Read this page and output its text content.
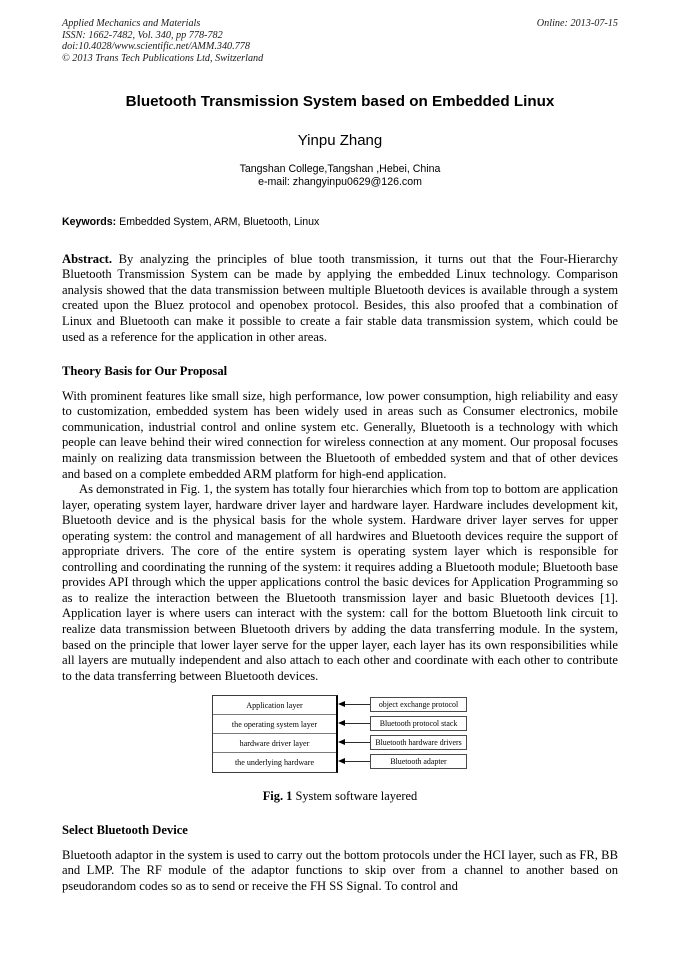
Applied Mechanics and Materials	Online: 2013-07-15
ISSN: 1662-7482, Vol. 340, pp 778-782
doi:10.4028/www.scientific.net/AMM.340.778
© 2013 Trans Tech Publications Ltd, Switzerland
Bluetooth Transmission System based on Embedded Linux
Yinpu Zhang
Tangshan College,Tangshan ,Hebei, China
e-mail: zhangyinpu0629@126.com
Keywords: Embedded System, ARM, Bluetooth, Linux
Abstract. By analyzing the principles of blue tooth transmission, it turns out that the Four-Hierarchy Bluetooth Transmission System can be made by applying the embedded Linux technology. Comparison analysis showed that the data transmission between multiple Bluetooth devices is available through a system created upon the Bluez protocol and openobex protocol. Besides, this also proofed that a combination of Linux and Bluetooth can make it possible to create a fair stable data transmission system, which could be used as a reference for the application in other areas.
Theory Basis for Our Proposal

With prominent features like small size, high performance, low power consumption, high reliability and easy to customization, embedded system has been widely used in areas such as Consumer electronics, mobile communication, industrial control and online system etc. Generally, Bluetooth is a technology with which people can leave behind their wired connection for wireless connection at any moment. Our proposal focuses mainly on realizing data transmission between the Bluetooth of embedded system and that of other devices and based on a complete embedded ARM platform for high-end application.

As demonstrated in Fig. 1, the system has totally four hierarchies which from top to bottom are application layer, operating system layer, hardware driver layer and hardware layer. Hardware includes development kit, Bluetooth device and is the physical basis for the whole system. Hardware driver layer serves for upper operating system: the control and management of all hardwires and Bluetooth devices require the support of appropriate drivers. The core of the entire system is operating system layer which is responsible for controlling and coordinating the running of the system: it requires adding a Bluetooth module; Bluetooth base provides API through which the upper applications control the basic devices for Application Programming so as to realize the interaction between the Bluetooth transmission layer and basic Bluetooth devices [1]. Application layer is where users can interact with the system: call for the bottom Bluetooth link circuit to realize data transmission between Bluetooth drivers by adding the data transferring module. In the system, based on the principle that lower layer serve for the upper layer, each layer has its own responsibilities while all layers are mutually independent and also attach to each other and coordinate with each other to contribute to the data transferring between Bluetooth devices.

Application layer
the operating system layer
hardware driver layer
the underlying hardware
object exchange protocol
Bluetooth protocol stack
Bluetooth hardware drivers
Bluetooth adapter
Fig. 1 System software layered
Select Bluetooth Device

Bluetooth adaptor in the system is used to carry out the bottom protocols under the HCI layer, such as FR, BB and LMP. The RF module of the adaptor functions to skip over from a channel to another based on pseudorandom codes so as to send or receive the FH SS Signal. To control and
